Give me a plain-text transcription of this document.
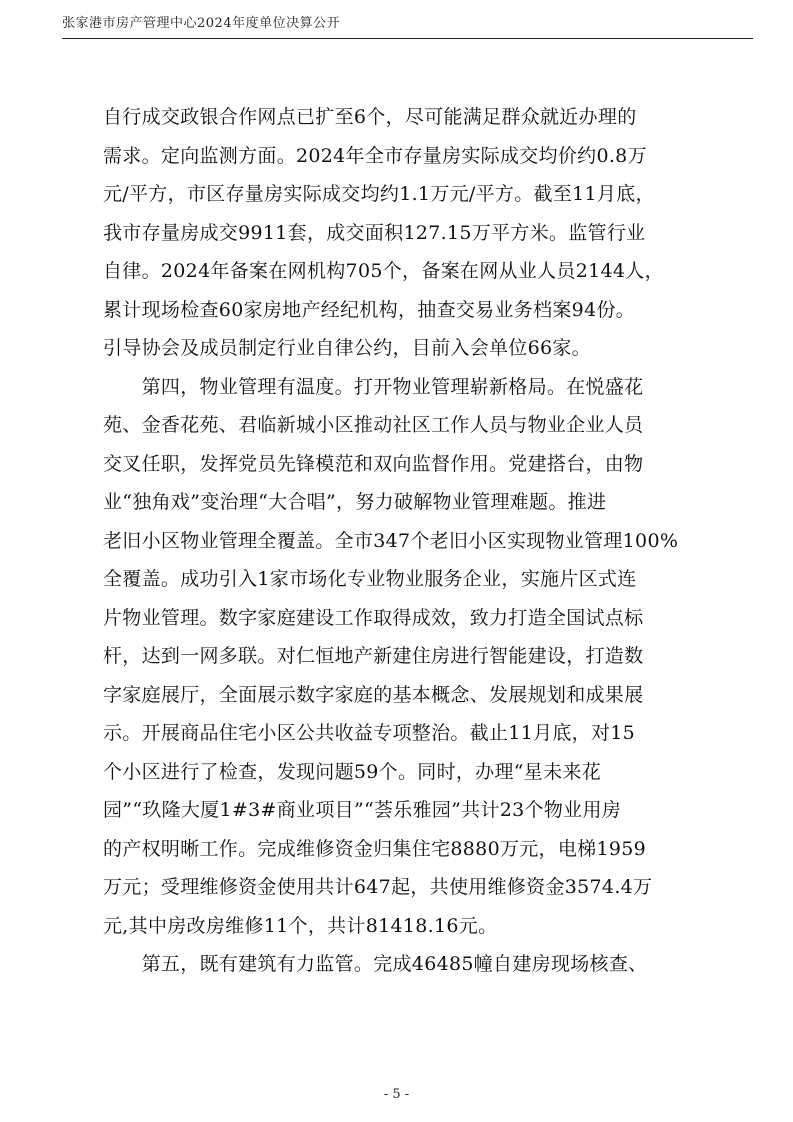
张家港市房产管理中心2024年度单位决算公开
自行成交政银合作网点已扩至6个，尽可能满足群众就近办理的
需求。定向监测方面。2024年全市存量房实际成交均价约0.8万
元/平方，市区存量房实际成交均约1.1万元/平方。截至11月底，
我市存量房成交9911套，成交面积127.15万平方米。监管行业
自律。2024年备案在网机构705个，备案在网从业人员2144人，
累计现场检查60家房地产经纪机构，抽查交易业务档案94份。
引导协会及成员制定行业自律公约，目前入会单位66家。
　　第四，物业管理有温度。打开物业管理崭新格局。在悦盛花
苑、金香花苑、君临新城小区推动社区工作人员与物业企业人员
交叉任职，发挥党员先锋模范和双向监督作用。党建搭台，由物
业“独角戏”变治理“大合唱”，努力破解物业管理难题。推进
老旧小区物业管理全覆盖。全市347个老旧小区实现物业管理100%
全覆盖。成功引入1家市场化专业物业服务企业，实施片区式连
片物业管理。数字家庭建设工作取得成效，致力打造全国试点标
杆，达到一网多联。对仁恒地产新建住房进行智能建设，打造数
字家庭展厅，全面展示数字家庭的基本概念、发展规划和成果展
示。开展商品住宅小区公共收益专项整治。截止11月底，对15
个小区进行了检查，发现问题59个。同时，办理“星未来花
园”“玖隆大厦1#3#商业项目”“荟乐雅园”共计23个物业用房
的产权明晰工作。完成维修资金归集住宅8880万元，电梯1959
万元；受理维修资金使用共计647起，共使用维修资金3574.4万
元,其中房改房维修11个，共计81418.16元。
　　第五，既有建筑有力监管。完成46485幢自建房现场核查、
- 5 -
